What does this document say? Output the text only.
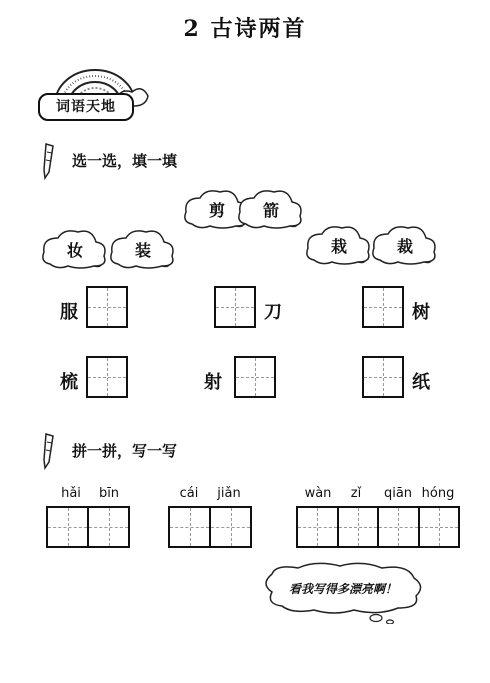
2 古诗两首
词语天地
选一选，填一填
剪	箭
妆	装	栽	裁
服	刀	树
梳	射	纸
拼一拼，写一写
hǎi	bīn	cái	jiǎn	wàn	zǐ	qiān hóng
看我写得多漂亮啊！
